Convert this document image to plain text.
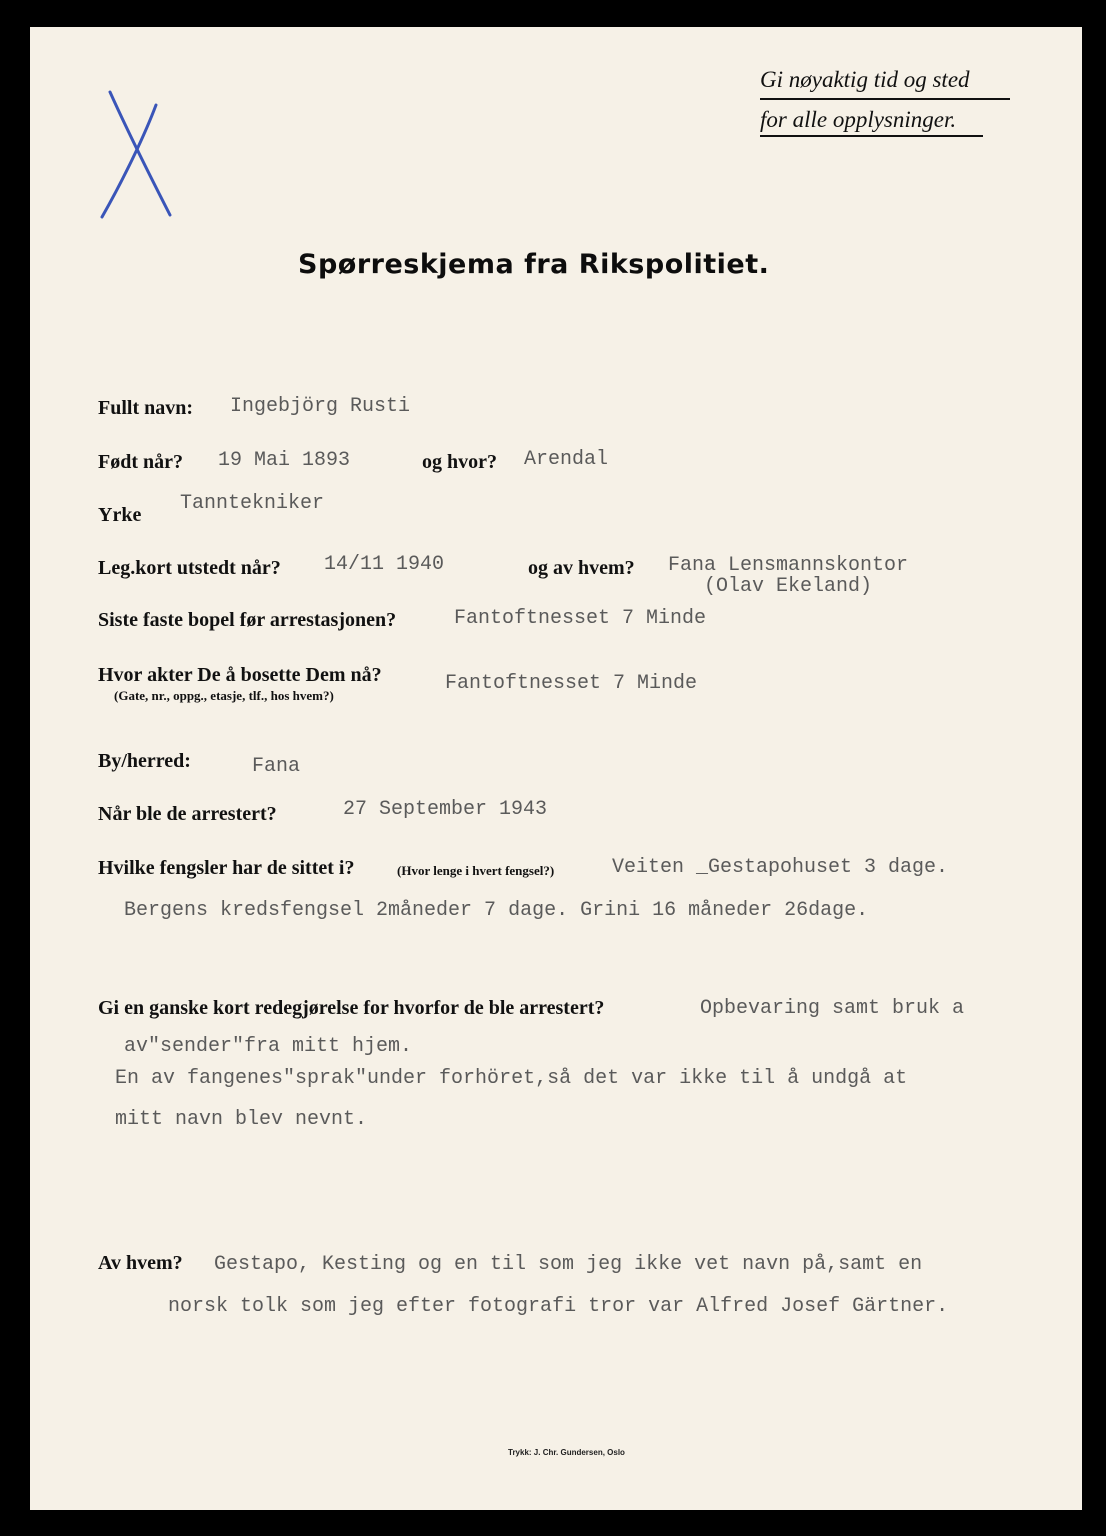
Gi nøyaktig tid og sted
for alle opplysninger.
Spørreskjema fra Rikspolitiet.
Fullt navn: Ingebjörg Rusti
Født når? 19 Mai 1893	og hvor? Arendal
Yrke Tanntekniker
Leg.kort utstedt når? 14/11 1940	og av hvem? Fana Lensmannskontor
(Olav Ekeland)
Siste faste bopel før arrestasjonen?	Fantoftnesset 7 Minde
Hvor akter De å bosette Dem nå?
(Gate, nr., oppg., etasje, tlf., hos hvem?)
Fantoftnesset 7 Minde
By/herred:	Fana
Når ble de arrestert?	27 September 1943
Hvilke fengsler har de sittet i?	(Hvor lenge i hvert fengsel?)	Veiten _Gestapohuset 3 dage.
Bergens kredsfengsel 2måneder 7 dage. Grini 16 måneder 26dage.
Gi en ganske kort redegjørelse for hvorfor de ble arrestert?	Opbevaring samt bruk a
av"sender"fra mitt hjem.
En av fangenes"sprak"under forhöret,så det var ikke til å undgå at
mitt navn blev nevnt.
Av hvem? Gestapo, Kesting og en til som jeg ikke vet navn på,samt en
norsk tolk som jeg efter fotografi tror var Alfred Josef Gärtner.
Trykk: J. Chr. Gundersen, Oslo
